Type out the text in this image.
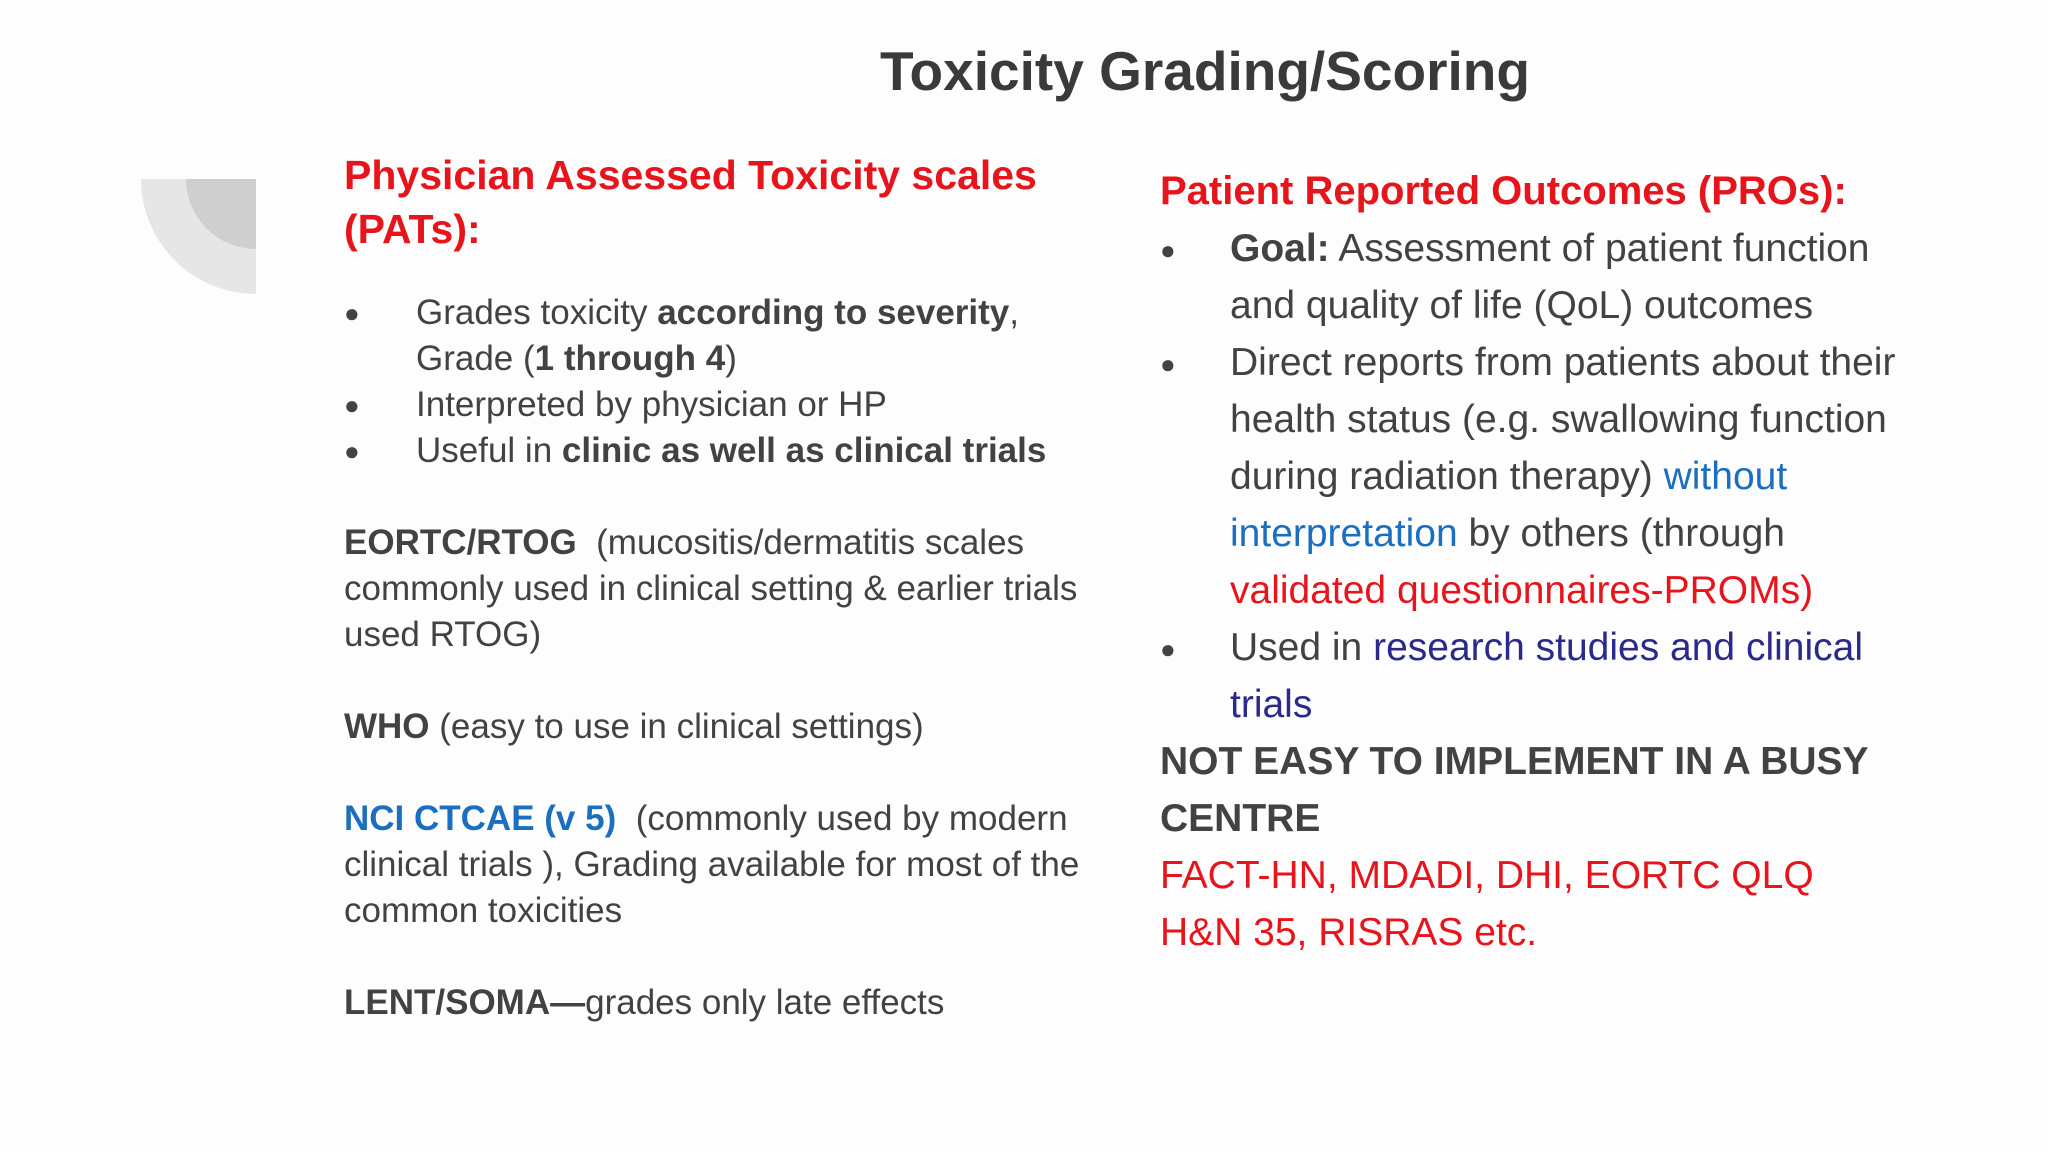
Toxicity Grading/Scoring

Physician Assessed Toxicity scales (PATs):

● Grades toxicity according to severity, Grade (1 through 4)
● Interpreted by physician or HP
● Useful in clinic as well as clinical trials

EORTC/RTOG  (mucositis/dermatitis scales commonly used in clinical setting & earlier trials used RTOG)

WHO (easy to use in clinical settings)

NCI CTCAE (v 5)  (commonly used by modern clinical trials ), Grading available for most of the common toxicities

LENT/SOMA—grades only late effects

Patient Reported Outcomes (PROs):

● Goal: Assessment of patient function and quality of life (QoL) outcomes
● Direct reports from patients about their health status (e.g. swallowing function during radiation therapy) without interpretation by others (through validated questionnaires-PROMs)
● Used in research studies and clinical trials

NOT EASY TO IMPLEMENT IN A BUSY CENTRE

FACT-HN, MDADI, DHI, EORTC QLQ H&N 35, RISRAS etc.
